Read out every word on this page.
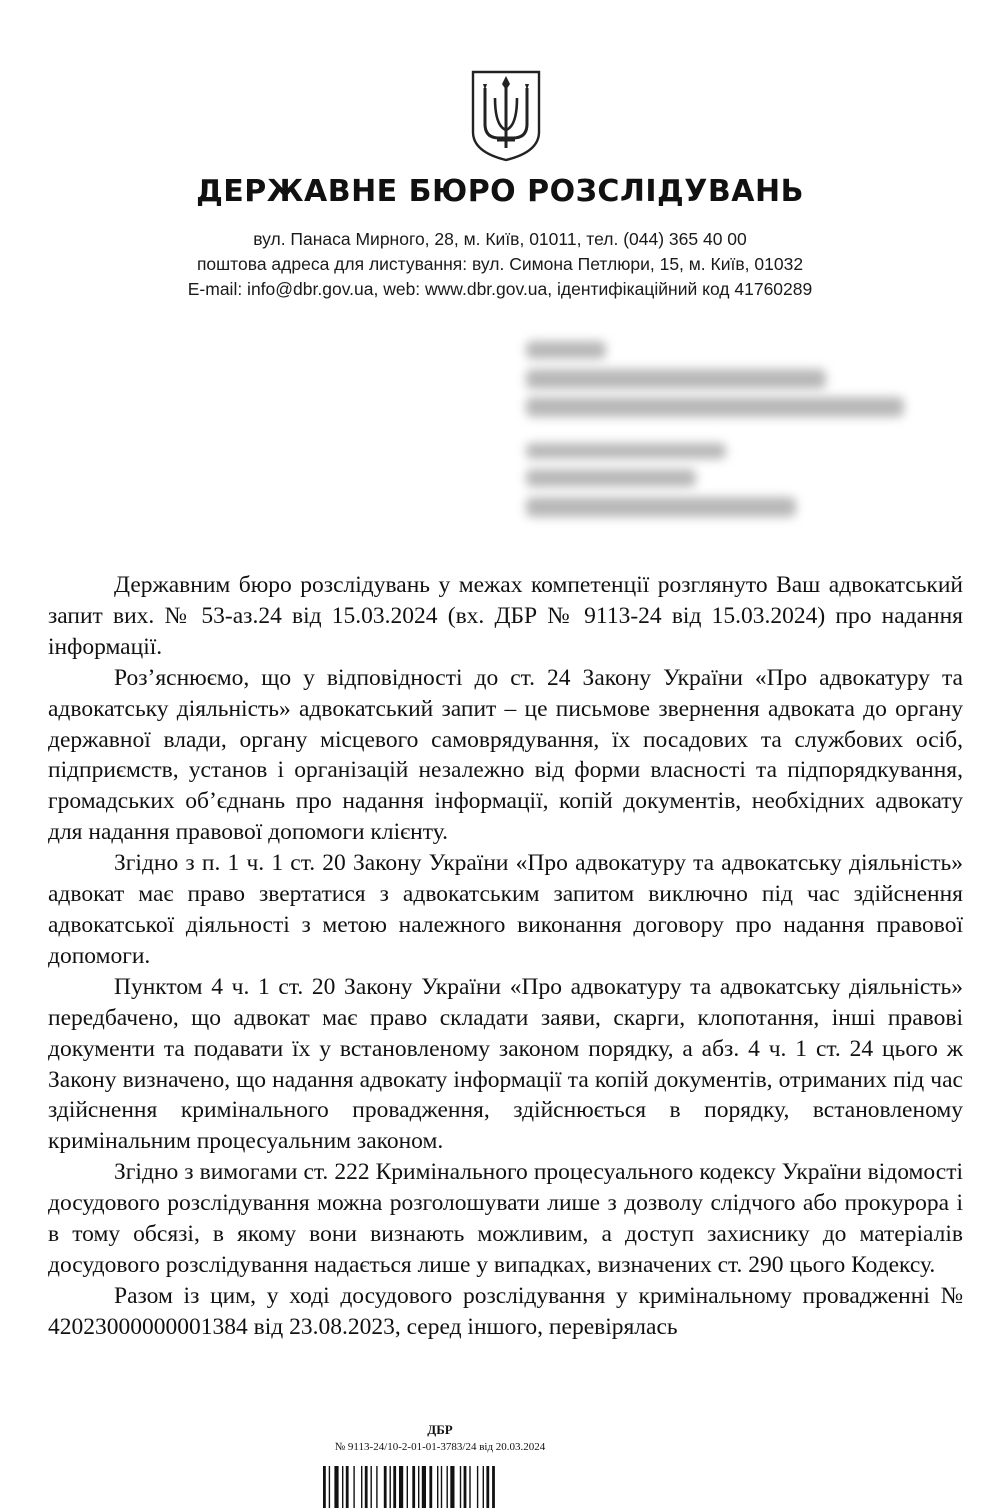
ДЕРЖАВНЕ БЮРО РОЗСЛІДУВАНЬ
вул. Панаса Мирного, 28, м. Київ, 01011, тел. (044) 365 40 00
поштова адреса для листування: вул. Симона Петлюри, 15, м. Київ, 01032
E-mail: info@dbr.gov.ua, web: www.dbr.gov.ua, ідентифікаційний код 41760289

Державним бюро розслідувань у межах компетенції розглянуто Ваш адвокатський запит вих. № 53-аз.24 від 15.03.2024 (вх. ДБР № 9113-24 від 15.03.2024) про надання інформації.

Роз’яснюємо, що у відповідності до ст. 24 Закону України «Про адвокатуру та адвокатську діяльність» адвокатський запит – це письмове звернення адвоката до органу державної влади, органу місцевого самоврядування, їх посадових та службових осіб, підприємств, установ і організацій незалежно від форми власності та підпорядкування, громадських об’єднань про надання інформації, копій документів, необхідних адвокату для надання правової допомоги клієнту.

Згідно з п. 1 ч. 1 ст. 20 Закону України «Про адвокатуру та адвокатську діяльність» адвокат має право звертатися з адвокатським запитом виключно під час здійснення адвокатської діяльності з метою належного виконання договору про надання правової допомоги.

Пунктом 4 ч. 1 ст. 20 Закону України «Про адвокатуру та адвокатську діяльність» передбачено, що адвокат має право складати заяви, скарги, клопотання, інші правові документи та подавати їх у встановленому законом порядку, а абз. 4 ч. 1 ст. 24 цього ж Закону визначено, що надання адвокату інформації та копій документів, отриманих під час здійснення кримінального провадження, здійснюється в порядку, встановленому кримінальним процесуальним законом.

Згідно з вимогами ст. 222 Кримінального процесуального кодексу України відомості досудового розслідування можна розголошувати лише з дозволу слідчого або прокурора і в тому обсязі, в якому вони визнають можливим, а доступ захиснику до матеріалів досудового розслідування надається лише у випадках, визначених ст. 290 цього Кодексу.

Разом із цим, у ході досудового розслідування у кримінальному провадженні № 42023000000001384 від 23.08.2023, серед іншого, перевірялась

ДБР
№ 9113-24/10-2-01-01-3783/24 від 20.03.2024
